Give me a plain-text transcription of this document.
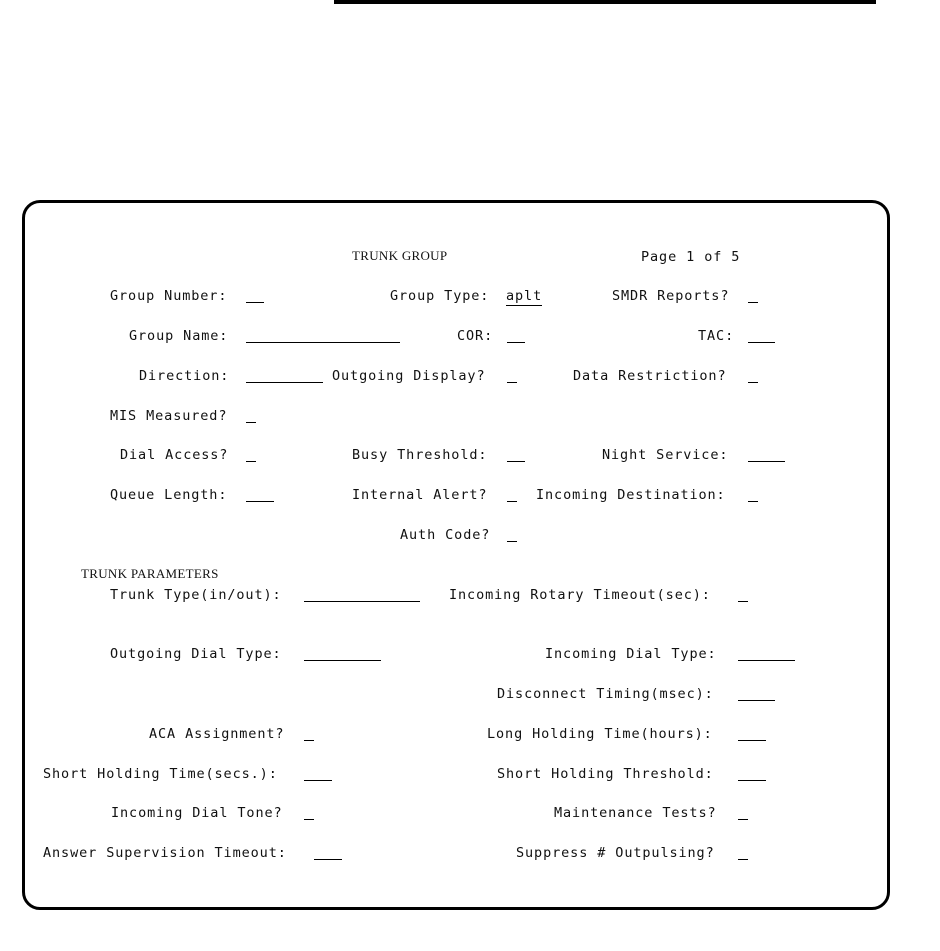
TRUNK GROUP	Page 1 of 5
Group Number:	Group Type: aplt	SMDR Reports?
Group Name:	COR:	TAC:
Direction:	Outgoing Display?	Data Restriction?
MIS Measured?
Dial Access?	Busy Threshold:	Night Service:
Queue Length:	Internal Alert?	Incoming Destination:
Auth Code?
TRUNK PARAMETERS
Trunk Type(in/out):	Incoming Rotary Timeout(sec):
Outgoing Dial Type:	Incoming Dial Type:
Disconnect Timing(msec):
ACA Assignment?	Long Holding Time(hours):
Short Holding Time(secs.):	Short Holding Threshold:
Incoming Dial Tone?	Maintenance Tests?
Answer Supervision Timeout:	Suppress # Outpulsing?
